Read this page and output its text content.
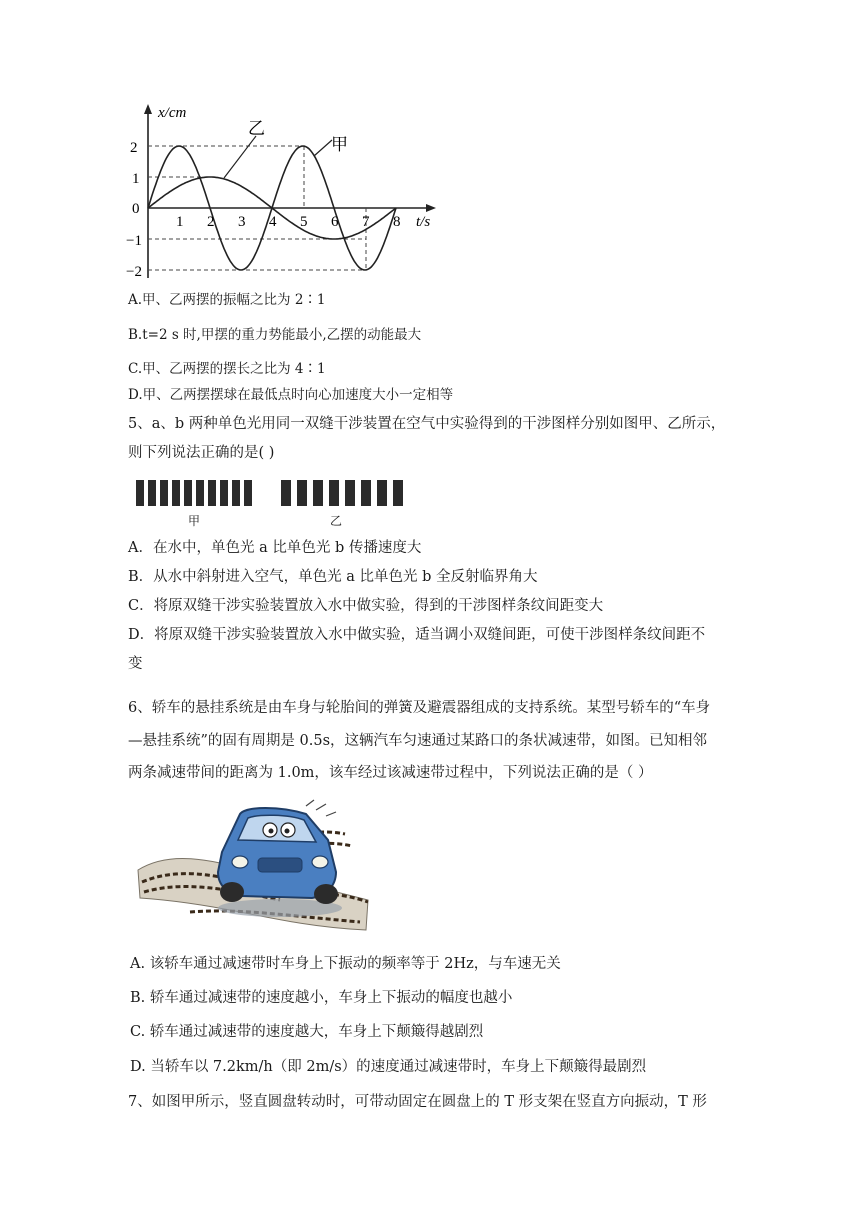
x/cm
t/s
2
1
0
−1
−2
1 2 3 4 5 6 7 8
乙
甲
A.甲、乙两摆的振幅之比为 2∶1
B.t=2 s 时,甲摆的重力势能最小,乙摆的动能最大
C.甲、乙两摆的摆长之比为 4∶1
D.甲、乙两摆摆球在最低点时向心加速度大小一定相等
5、a、b 两种单色光用同一双缝干涉装置在空气中实验得到的干涉图样分别如图甲、乙所示，
则下列说法正确的是( )
甲	乙
A．在水中，单色光 a 比单色光 b 传播速度大
B．从水中斜射进入空气，单色光 a 比单色光 b 全反射临界角大
C．将原双缝干涉实验装置放入水中做实验，得到的干涉图样条纹间距变大
D．将原双缝干涉实验装置放入水中做实验，适当调小双缝间距，可使干涉图样条纹间距不
变
6、轿车的悬挂系统是由车身与轮胎间的弹簧及避震器组成的支持系统。某型号轿车的“车身
—悬挂系统”的固有周期是 0.5s，这辆汽车匀速通过某路口的条状减速带，如图。已知相邻
两条减速带间的距离为 1.0m，该车经过该减速带过程中，下列说法正确的是（ ）
A. 该轿车通过减速带时车身上下振动的频率等于 2Hz，与车速无关
B. 轿车通过减速带的速度越小，车身上下振动的幅度也越小
C. 轿车通过减速带的速度越大，车身上下颠簸得越剧烈
D. 当轿车以 7.2km/h（即 2m/s）的速度通过减速带时，车身上下颠簸得最剧烈
7、如图甲所示，竖直圆盘转动时，可带动固定在圆盘上的 T 形支架在竖直方向振动，T 形
